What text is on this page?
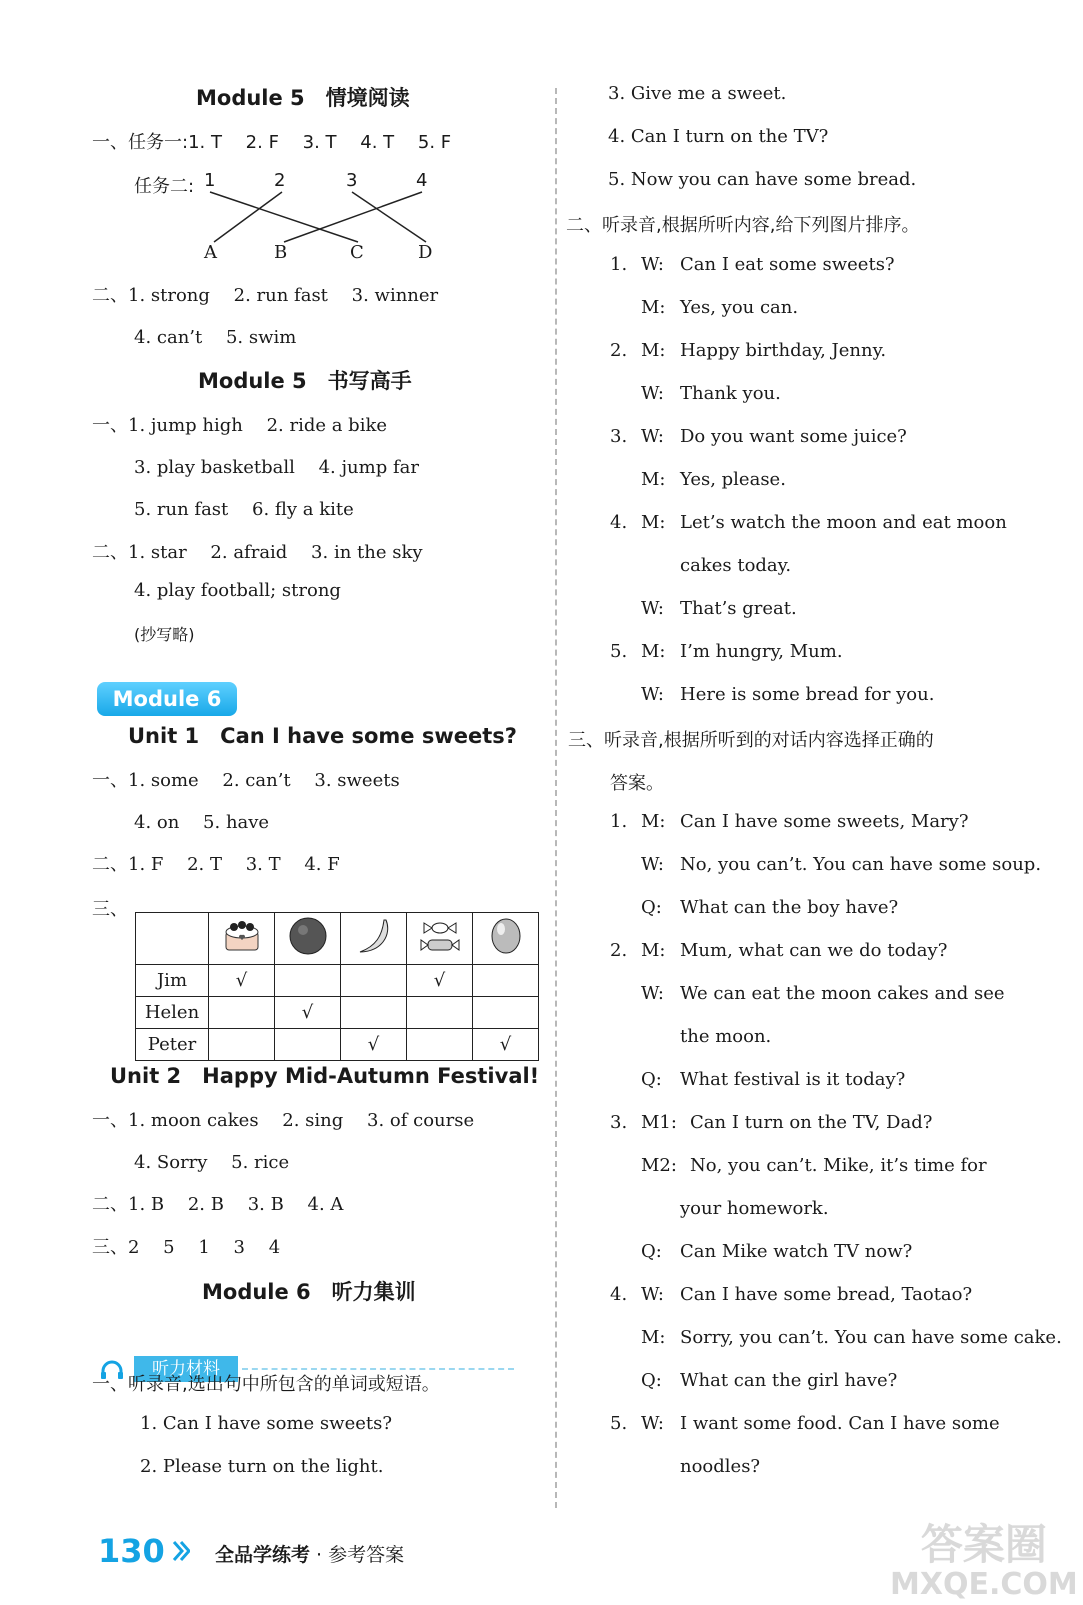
Module 5　情境阅读
一、任务一:1. T　 2. F　 3. T　 4. T　 5. F
任务二: 1	2	3	4
A	B	C	D
二、1. strong　 2. run fast　 3. winner
4. can’t　 5. swim
Module 5　书写高手
一、1. jump high　 2. ride a bike
3. play basketball　 4. jump far
5. run fast　 6. fly a kite
二、1. star　 2. afraid　 3. in the sky
4. play football; strong
(抄写略)
Module 6
Unit 1　Can I have some sweets?
一、1. some　 2. can’t　 3. sweets
4. on　 5. have
二、1. F　 2. T　 3. T　 4. F
三、

Jim	√			√	
Helen		√			
Peter			√		√
Unit 2　Happy Mid-Autumn Festival!
一、1. moon cakes　 2. sing　 3. of course
4. Sorry　 5. rice
二、1. B　 2. B　 3. B　 4. A
三、2　 5　 1　 3　 4
Module 6　听力集训
听力材料
一、听录音,选出句中所包含的单词或短语。
1. Can I have some sweets?
2. Please turn on the light.
3. Give me a sweet.
4. Can I turn on the TV?
5. Now you can have some bread.
二、听录音,根据所听内容,给下列图片排序。
1. W: Can I eat some sweets?
M: Yes, you can.
2. M: Happy birthday, Jenny.
W: Thank you.
3. W: Do you want some juice?
M: Yes, please.
4. M: Let’s watch the moon and eat moon
cakes today.
W: That’s great.
5. M: I’m hungry, Mum.
W: Here is some bread for you.
三、听录音,根据所听到的对话内容选择正确的
答案。
1. M: Can I have some sweets, Mary?
W: No, you can’t. You can have some soup.
Q: What can the boy have?
2. M: Mum, what can we do today?
W: We can eat the moon cakes and see
the moon.
Q: What festival is it today?
3. M1: Can I turn on the TV, Dad?
M2: No, you can’t. Mike, it’s time for
your homework.
Q: Can Mike watch TV now?
4. W: Can I have some bread, Taotao?
M: Sorry, you can’t. You can have some cake.
Q: What can the girl have?
5. W: I want some food. Can I have some
noodles?
130	全品学练考 · 参考答案	答案圈
MXQE.COM
